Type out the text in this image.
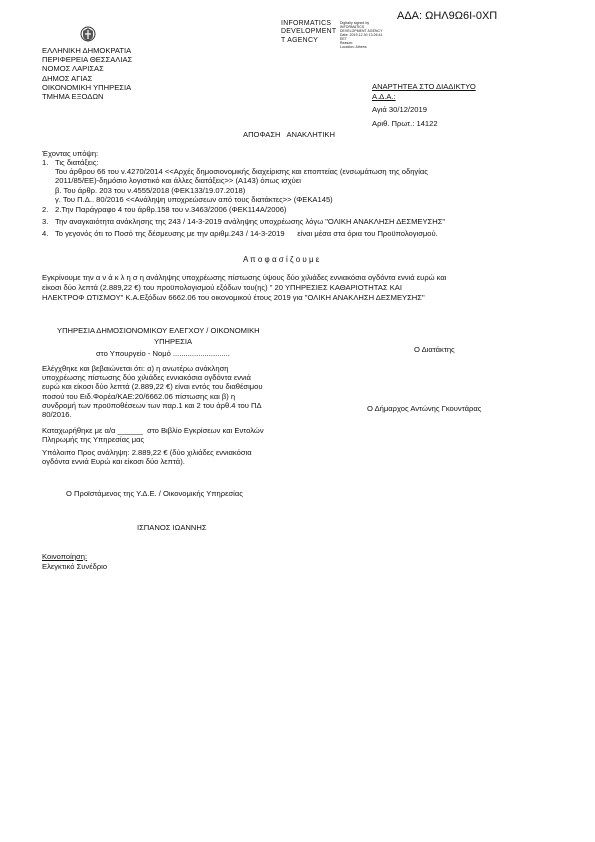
ΑΔΑ: ΩΗΛ9Ω6Ι-0ΧΠ
INFORMATICS
DEVELOPMENT
T AGENCY
Digitally signed by
INFORMATICS
DEVELOPMENT AGENCY
Date: 2019.12.30 13:26:41
EET
Reason:
Location: Athens
ΕΛΛΗΝΙΚΗ ΔΗΜΟΚΡΑΤΙΑ
ΠΕΡΙΦΕΡΕΙΑ ΘΕΣΣΑΛΙΑΣ
ΝΟΜΟΣ ΛΑΡΙΣΑΣ
ΔΗΜΟΣ ΑΓΙΑΣ
ΟΙΚΟΝΟΜΙΚΗ ΥΠΗΡΕΣΙΑ
ΤΜΗΜΑ ΕΞΟΔΩΝ
ΑΝΑΡΤΗΤΕΑ ΣΤΟ ΔΙΑΔΙΚΤΥΟ
Α.Δ.Α.:
Αγιά 30/12/2019
Αριθ. Πρωτ.: 14122
ΑΠΟΦΑΣΗ   ΑΝΑΚΛΗΤΙΚΗ
Έχοντας υπόψη:
1. Τις διατάξεις:
Του άρθρου 66 του ν.4270/2014 <<Αρχές δημοσιονομικής διαχείρισης και εποπτείας (ενσωμάτωση της οδηγίας
2011/85/ΕΕ)-δημόσιο λογιστικό και άλλες διατάξεις>> (Α143) όπως ισχύει
β. Του άρθρ. 203 του ν.4555/2018 (ΦΕΚ133/19.07.2018)
γ. Του Π.Δ.. 80/2016 <<Ανάληψη υποχρεώσεων από τους διατάκτες>> (ΦΕΚΑ145)
2. 2.Την Παράγραφο 4 του άρθρ.158 του ν.3463/2006 (ΦΕΚ114Α/2006)
3. Την αναγκαιότητα ανάκλησης της 243 / 14-3-2019 ανάληψης υποχρέωσης λόγω "ΟΛΙΚΗ ΑΝΑΚΛΗΣΗ ΔΕΣΜΕΥΣΗΣ"
4. Το γεγονός ότι το Ποσό της δέσμευσης με την αριθμ.243 / 14-3-2019      είναι μέσα στα όρια του Προϋπολογισμού.
Α π ο φ α σ ί ζ ο υ μ ε
Εγκρίνουμε την α ν ά κ λ η σ η ανάληψης υποχρέωσης πίστωσης ύψους δύο χιλιάδες εννιακόσια ογδόντα εννιά ευρώ και
είκοσι δύο λεπτά (2.889,22 €) του προϋπολογισμού εξόδων του(ης) " 20 ΥΠΗΡΕΣΙΕΣ ΚΑΘΑΡΙΟΤΗΤΑΣ ΚΑΙ
ΗΛΕΚΤΡΟΦ ΩΤΙΣΜΟΥ" Κ.Α.Εξόδων 6662.06 του οικονομικού έτους 2019 για "ΟΛΙΚΗ ΑΝΑΚΛΗΣΗ ΔΕΣΜΕΥΣΗΣ"
ΥΠΗΡΕΣΙΑ ΔΗΜΟΣΙΟΝΟΜΙΚΟΥ ΕΛΕΓΧΟΥ / ΟΙΚΟΝΟΜΙΚΗ
ΥΠΗΡΕΣΙΑ
στο Υπουργείο - Νομό ...........................
Ελέγχθηκε και βεβαιώνεται ότι: α) η ανωτέρω ανάκληση
υποχρέωσης πίστωσης δύο χιλιάδες εννιακόσια ογδόντα εννιά
ευρώ και είκοσι δύο λεπτά (2.889,22 €) είναι εντός του διαθέσιμου
ποσού του Ειδ.Φορέα/ΚΑΕ:20/6662.06 πίστωσης και β) η
συνδρομή των προϋποθέσεων των παρ.1 και 2 του άρθ.4 του ΠΔ
80/2016.
Καταχωρήθηκε με α/α ______  στο Βιβλίο Εγκρίσεων και Εντολών
Πληρωμής της Υπηρεσίας μας
Υπόλοιπο Προς ανάληψη: 2.889,22 € (δύο χιλιάδες εννιακόσια
ογδόντα εννιά Ευρώ και είκοσι δύο λεπτά).
Ο Προϊστάμενος της Υ.Δ.Ε. / Οικονομικής Υπηρεσίας
ΙΣΠΑΝΟΣ ΙΩΑΝΝΗΣ
Κοινοποίηση:
Ελεγκτικό Συνέδριο
Ο Διατάκτης
Ο Δήμαρχος Αντώνης Γκουντάρας
